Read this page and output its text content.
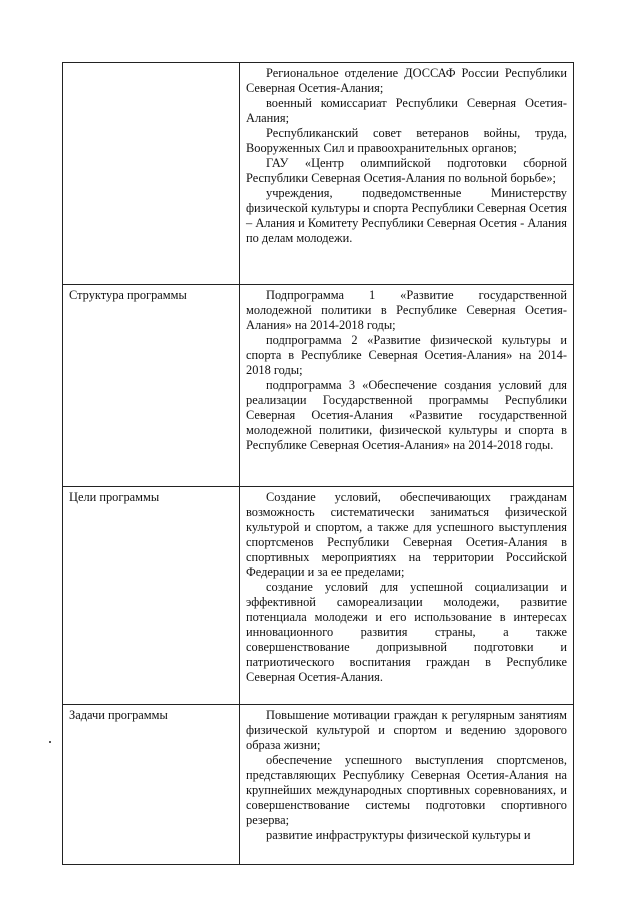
	Региональное отделение ДОССАФ России Республики Северная Осетия-Алания;

военный комиссариат Республики Северная Осетия-Алания;

Республиканский совет ветеранов войны, труда, Вооруженных Сил и правоохранительных органов;

ГАУ «Центр олимпийской подготовки сборной Республики Северная Осетия-Алания по вольной борьбе»;

учреждения, подведомственные Министерству физической культуры и спорта Республики Северная Осетия – Алания и Комитету Республики Северная Осетия - Алания по делам молодежи.

Структура программы	Подпрограмма 1 «Развитие государственной молодежной политики в Республике Северная Осетия-Алания» на 2014-2018 годы;

подпрограмма 2 «Развитие физической культуры и спорта в Республике Северная Осетия-Алания» на 2014-2018 годы;

подпрограмма 3 «Обеспечение создания условий для реализации Государственной программы Республики Северная Осетия-Алания «Развитие государственной молодежной политики, физической культуры и спорта в Республике Северная Осетия-Алания» на 2014-2018 годы.

Цели программы	Создание условий, обеспечивающих гражданам возможность систематически заниматься физической культурой и спортом, а также для успешного выступления спортсменов Республики Северная Осетия-Алания в спортивных мероприятиях на территории Российской Федерации и за ее пределами;

создание условий для успешной социализации и эффективной самореализации молодежи, развитие потенциала молодежи и его использование в интересах инновационного развития страны, а также совершенствование допризывной подготовки и патриотического воспитания граждан в Республике Северная Осетия-Алания.

Задачи программы	Повышение мотивации граждан к регулярным занятиям физической культурой и спортом и ведению здорового образа жизни;

обеспечение успешного выступления спортсменов, представляющих Республику Северная Осетия-Алания на крупнейших международных спортивных соревнованиях, и совершенствование системы подготовки спортивного резерва;

развитие инфраструктуры физической культуры и
